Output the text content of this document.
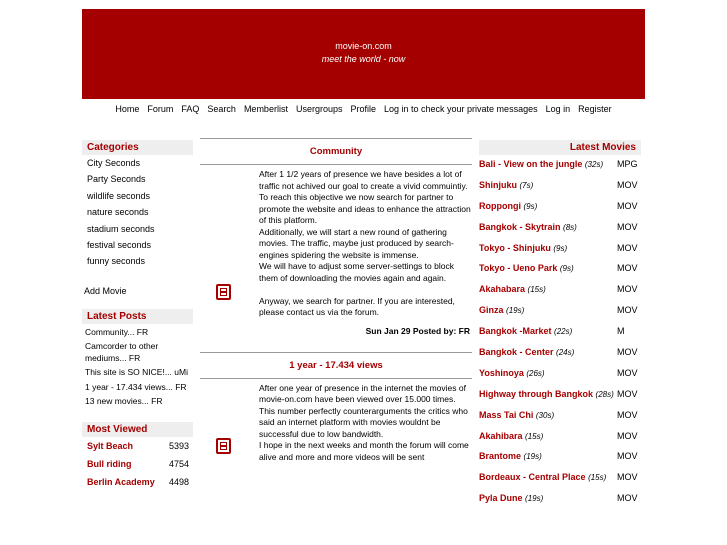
movie-on.com
meet the world - now
Home Forum FAQ Search Memberlist Usergroups Profile Log in to check your private messages Log in Register
Categories
City Seconds
Party Seconds
wildlife seconds
nature seconds
stadium seconds
festival seconds
funny seconds
Add Movie
Latest Posts
Community... FR
Camcorder to other mediums... FR
This site is SO NICE!... uMi
1 year - 17.434 views... FR
13 new movies... FR
Most Viewed
Sylt Beach	5393
Bull riding	4754
Berlin Academy 4498
Community

After 1 1/2 years of presence we have besides a lot of traffic not achived our goal to create a vivid commuintiy.
To reach this objective we now search for partner to promote the website and ideas to enhance the attraction of this platform.
Additionally, we will start a new round of gathering movies. The traffic, maybe just produced by search-engines spidering the website is immense.
We will have to adjust some server-settings to block them of downloading the movies again and again.

Anyway, we search for partner. If you are interested, please contact us via the forum.

Sun Jan 29 Posted by: FR
1 year - 17.434 views

After one year of presence in the internet the movies of movie-on.com have been viewed over 15.000 times. This number perfectly counterarguments the critics who said an internet platform with movies wouldnt be successful due to low bandwidth.
I hope in the next weeks and month the forum will come alive and more and more videos will be sent

Latest Movies
Bali - View on the jungle (32s)	MPG
Shinjuku (7s)	MOV
Roppongi (9s)	MOV
Bangkok - Skytrain (8s)	MOV
Tokyo - Shinjuku (9s)	MOV
Tokyo - Ueno Park (9s)	MOV
Akahabara (15s)	MOV
Ginza (19s)	MOV
Bangkok -Market (22s)	M
Bangkok - Center (24s)	MOV
Yoshinoya (26s)	MOV
Highway through Bangkok (28s) MOV
Mass Tai Chi (30s)	MOV
Akahibara (15s)	MOV
Brantome (19s)	MOV
Bordeaux - Central Place (15s)	MOV
Pyla Dune (19s)	MOV
